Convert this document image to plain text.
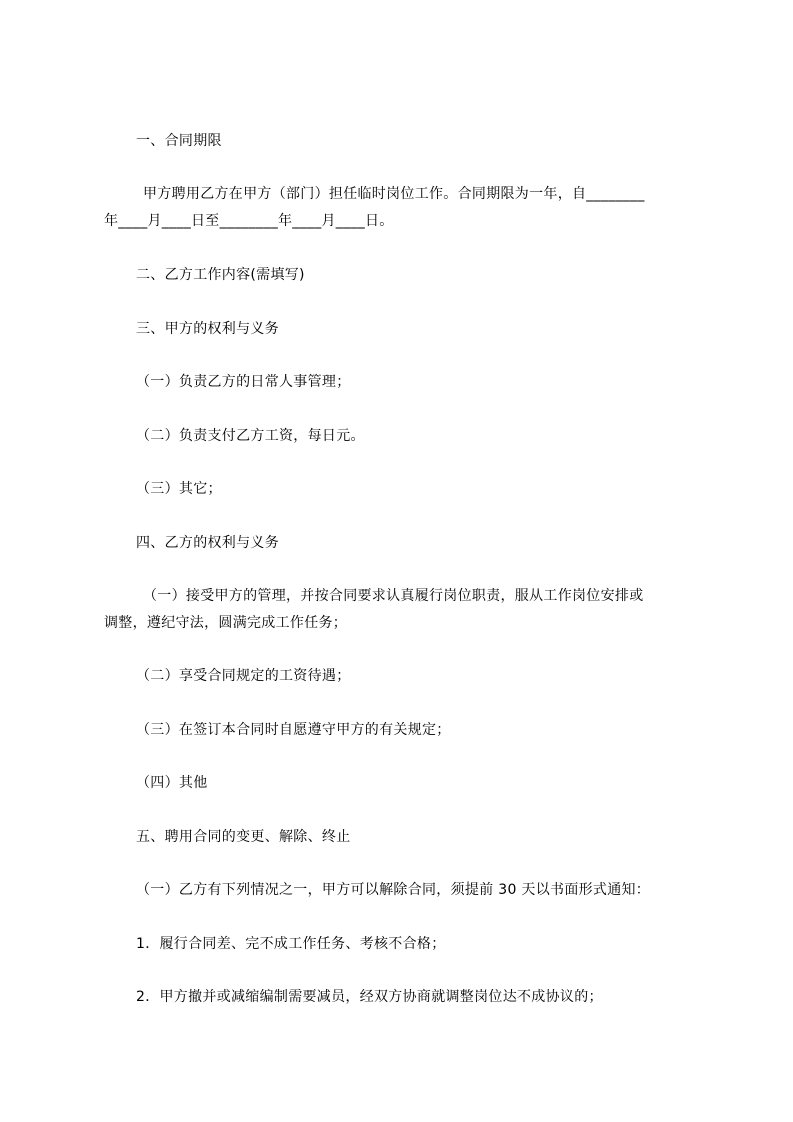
一、合同期限
甲方聘用乙方在甲方（部门）担任临时岗位工作。合同期限为一年，自________
年____月____日至________年____月____日。
二、乙方工作内容(需填写)
三、甲方的权利与义务
（一）负责乙方的日常人事管理；
（二）负责支付乙方工资，每日元。
（三）其它；
四、乙方的权利与义务
（一）接受甲方的管理，并按合同要求认真履行岗位职责，服从工作岗位安排或
调整，遵纪守法，圆满完成工作任务；
（二）享受合同规定的工资待遇；
（三）在签订本合同时自愿遵守甲方的有关规定；
（四）其他
五、聘用合同的变更、解除、终止
（一）乙方有下列情况之一，甲方可以解除合同，须提前 30 天以书面形式通知：
1．履行合同差、完不成工作任务、考核不合格；
2．甲方撤并或减缩编制需要减员，经双方协商就调整岗位达不成协议的；
